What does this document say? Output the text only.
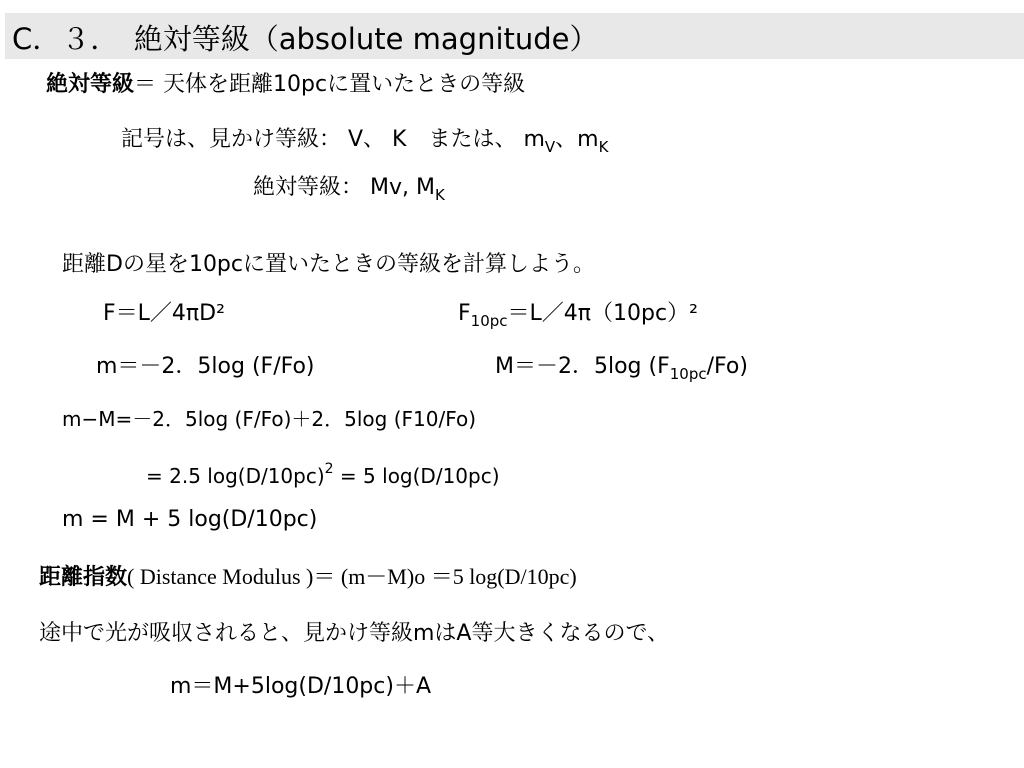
C．３．　絶対等級（absolute magnitude）
絶対等級＝ 天体を距離10pcに置いたときの等級
記号は、見かけ等級： V、 K　または、 $m_V$、$m_K$
絶対等級： Mv, $M_K$
距離Dの星を10pcに置いたときの等級を計算しよう。
F＝L／4πD²	$F_{10pc}=L/4\pi(10pc)^2$
m＝－2．5log (F/Fo)	M＝－2．5log $(F_{10pc}/Fo)$
m−M=－2．5log (F/Fo)＋2．5log (F10/Fo)
= 2.5 $\log(D/10pc)^2 = 5$ log(D/10pc)
m = M + 5 log(D/10pc)
距離指数( Distance Modulus )＝ (m－M)o ＝5 log(D/10pc)
途中で光が吸収されると、見かけ等級mはA等大きくなるので、
m＝M+5log(D/10pc)＋A
